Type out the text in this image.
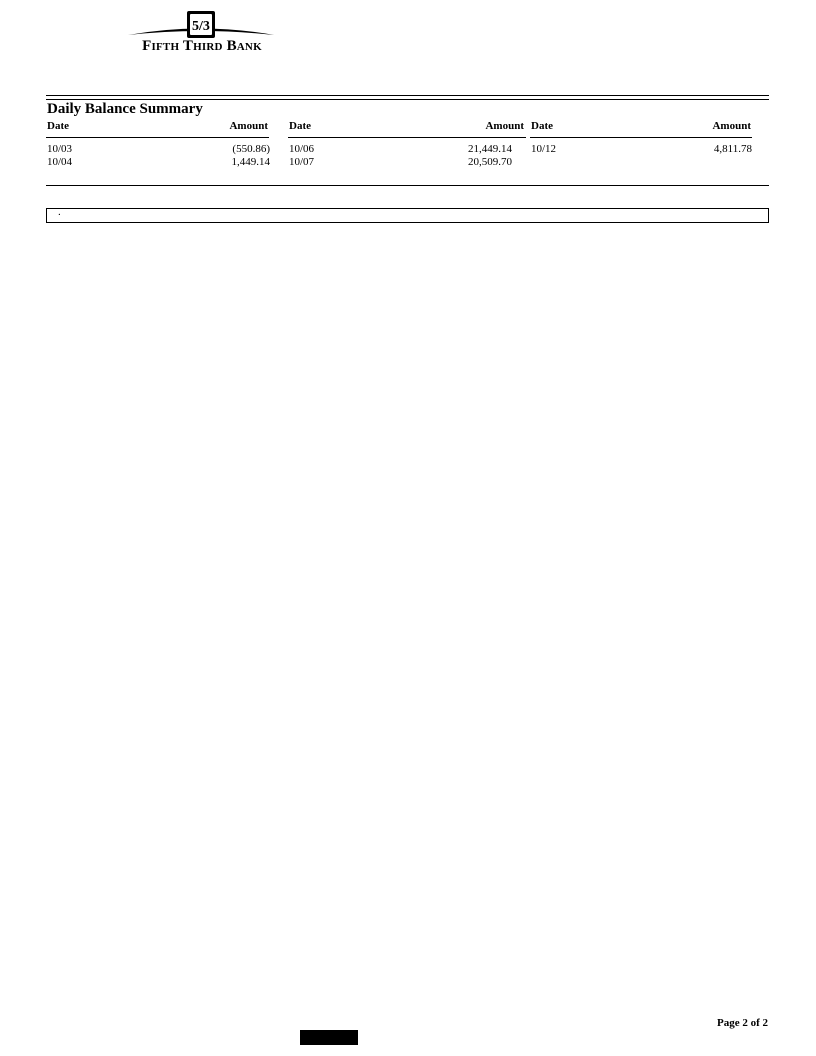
5/3
Fifth Third Bank
Daily Balance Summary
Date	Amount Date	Amount Date	Amount
10/03	(550.86) 10/06	21,449.14 10/12	4,811.78
10/04	1,449.14 10/07	20,509.70
.
Page 2 of 2
